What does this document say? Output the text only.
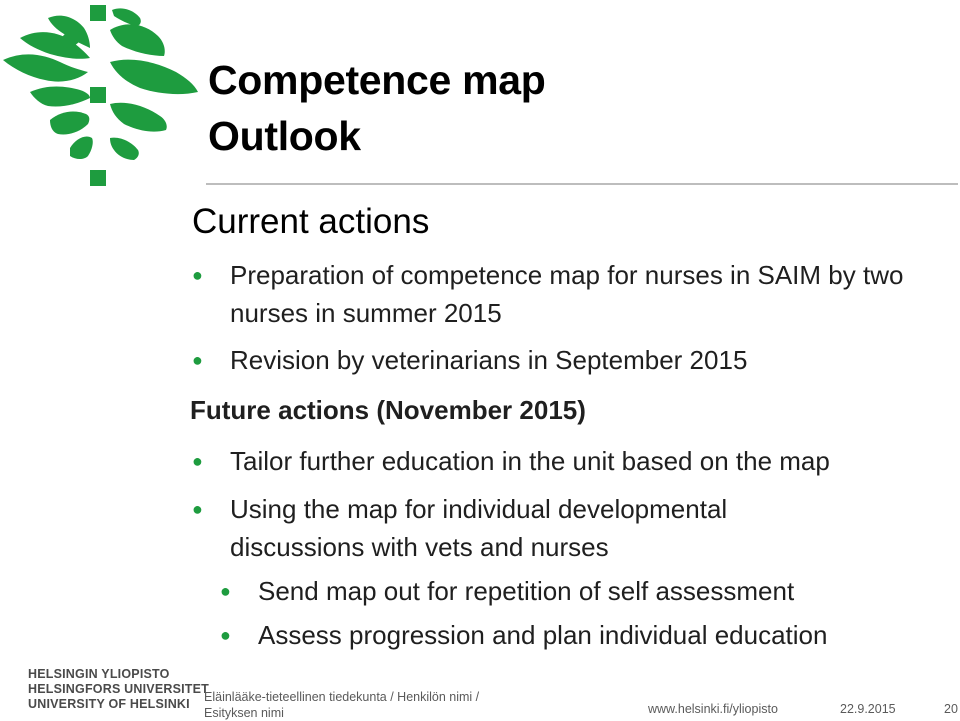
Competence map
Outlook
Current actions
● Preparation of competence map for nurses in SAIM by two nurses in summer 2015
● Revision by veterinarians in September 2015
Future actions (November 2015)
● Tailor further education in the unit based on the map
● Using the map for individual developmental discussions with vets and nurses
● Send map out for repetition of self assessment
● Assess progression and plan individual education
HELSINGIN YLIOPISTO
HELSINGFORS UNIVERSITET
UNIVERSITY OF HELSINKI	Eläinlääke-tieteellinen tiedekunta / Henkilön nimi / Esityksen nimi	www.helsinki.fi/yliopisto	22.9.2015	20
